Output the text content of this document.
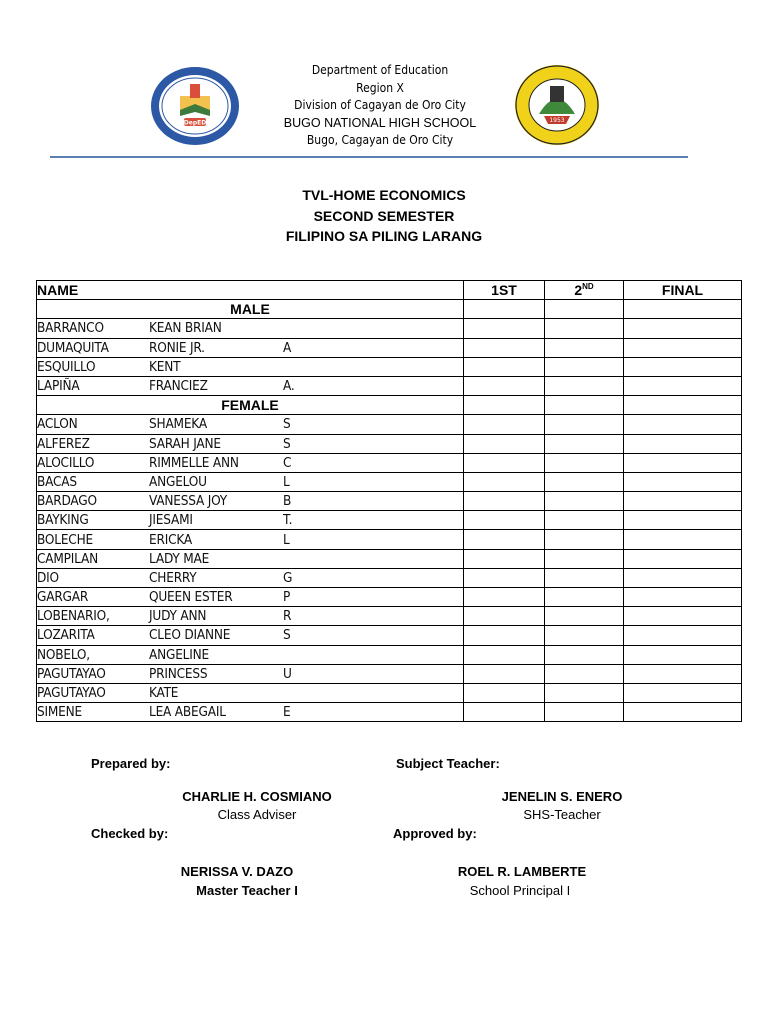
DepED
Department of Education
Region X
Division of Cagayan de Oro City
BUGO NATIONAL HIGH SCHOOL
Bugo, Cagayan de Oro City
1953
TVL-HOME ECONOMICS
SECOND SEMESTER
FILIPINO SA PILING LARANG
NAME	1ST	2ND	FINAL
MALE			
BARRANCO KEAN BRIAN			
DUMAQUITA RONIE JR. A			
ESQUILLO KENT			
LAPIÑA FRANCIEZ A.			
FEMALE			
ACLON SHAMEKA S			
ALFEREZ SARAH JANE S			
ALOCILLO RIMMELLE ANN C			
BACAS ANGELOU L			
BARDAGO VANESSA JOY B			
BAYKING JIESAMI T.			
BOLECHE ERICKA L			
CAMPILAN LADY MAE			
DIO CHERRY G			
GARGAR QUEEN ESTER P			
LOBENARIO, JUDY ANN R			
LOZARITA CLEO DIANNE S			
NOBELO, ANGELINE			
PAGUTAYAO PRINCESS U			
PAGUTAYAO KATE			
SIMENE LEA ABEGAIL E			
Prepared by:	Subject Teacher:
CHARLIE H. COSMIANO
Class Adviser
JENELIN S. ENERO
SHS-Teacher
Checked by:	Approved by:
NERISSA V. DAZO
Master Teacher I
ROEL R. LAMBERTE
School Principal I
